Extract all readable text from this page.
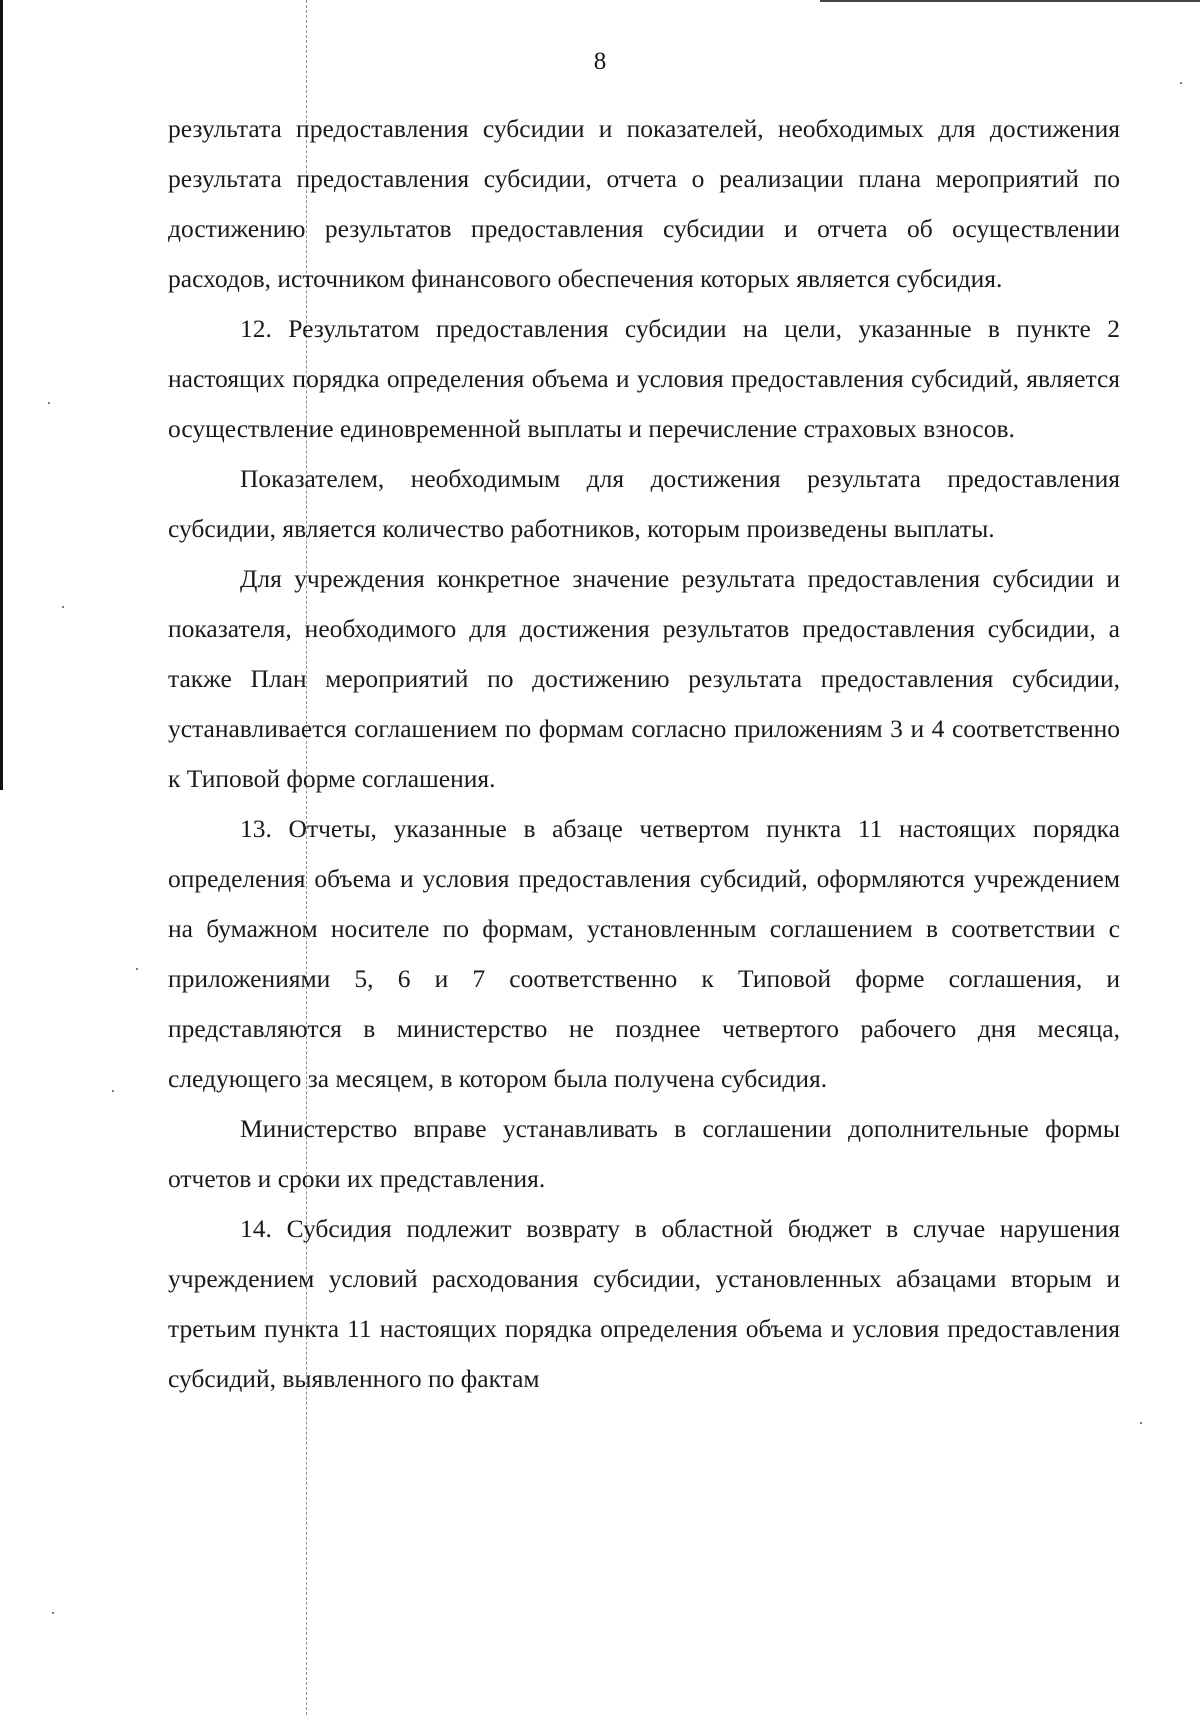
8

результата предоставления субсидии и показателей, необходимых для достижения результата предоставления субсидии, отчета о реализации плана мероприятий по достижению результатов предоставления субсидии и отчета об осуществлении расходов, источником финансового обеспечения которых является субсидия.

12. Результатом предоставления субсидии на цели, указанные в пункте 2 настоящих порядка определения объема и условия предоставления субсидий, является осуществление единовременной выплаты и перечисление страховых взносов.

Показателем, необходимым для достижения результата предоставления субсидии, является количество работников, которым произведены выплаты.

Для учреждения конкретное значение результата предоставления субсидии и показателя, необходимого для достижения результатов предоставления субсидии, а также План мероприятий по достижению результата предоставления субсидии, устанавливается соглашением по формам согласно приложениям 3 и 4 соответственно к Типовой форме соглашения.

13. Отчеты, указанные в абзаце четвертом пункта 11 настоящих порядка определения объема и условия предоставления субсидий, оформляются учреждением на бумажном носителе по формам, установленным соглашением в соответствии с приложениями 5, 6 и 7 соответственно к Типовой форме соглашения, и представляются в министерство не позднее четвертого рабочего дня месяца, следующего за месяцем, в котором была получена субсидия.

Министерство вправе устанавливать в соглашении дополнительные формы отчетов и сроки их представления.

14. Субсидия подлежит возврату в областной бюджет в случае нарушения учреждением условий расходования субсидии, установленных абзацами вторым и третьим пункта 11 настоящих порядка определения объема и условия предоставления субсидий, выявленного по фактам
